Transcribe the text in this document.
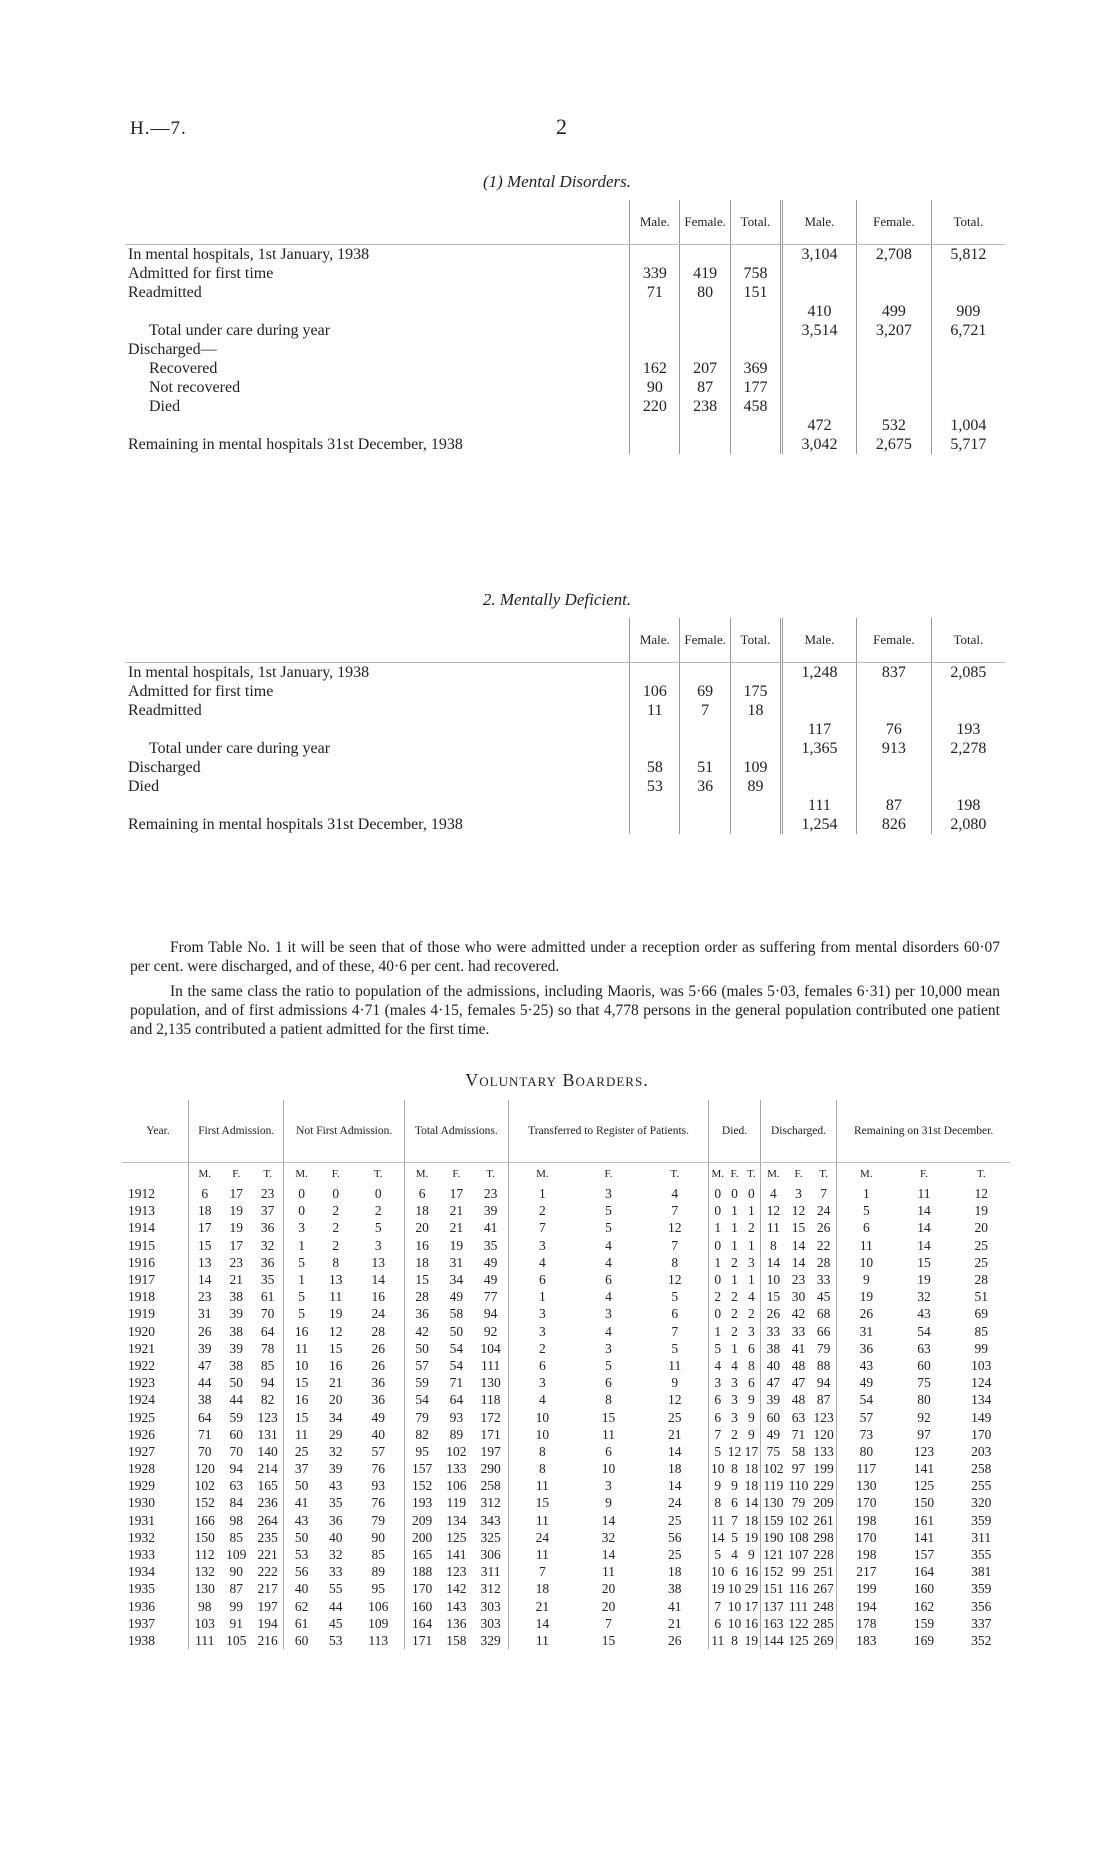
H.—7.	2
(1) Mental Disorders.
	Male.	Female.	Total.	Male.	Female.	Total.
In mental hospitals, 1st January, 1938				3,104	2,708	5,812
Admitted for first time	339	419	758			
Readmitted	71	80	151			
				410	499	909
Total under care during year				3,514	3,207	6,721
Discharged—						
Recovered	162	207	369			
Not recovered	90	87	177			
Died	220	238	458			
				472	532	1,004
Remaining in mental hospitals 31st December, 1938				3,042	2,675	5,717
2. Mentally Deficient.
	Male.	Female.	Total.	Male.	Female.	Total.
In mental hospitals, 1st January, 1938				1,248	837	2,085
Admitted for first time	106	69	175			
Readmitted	11	7	18			
				117	76	193
Total under care during year				1,365	913	2,278
Discharged	58	51	109			
Died	53	36	89			
				111	87	198
Remaining in mental hospitals 31st December, 1938				1,254	826	2,080

From Table No. 1 it will be seen that of those who were admitted under a reception order as suffering from mental disorders 60·07 per cent. were discharged, and of these, 40·6 per cent. had recovered.

In the same class the ratio to population of the admissions, including Maoris, was 5·66 (males 5·03, females 6·31) per 10,000 mean population, and of first admissions 4·71 (males 4·15, females 5·25) so that 4,778 persons in the general population contributed one patient and 2,135 contributed a patient admitted for the first time.

Voluntary Boarders.
Year.	First Admission.			Not First Admission.			Total Admissions.			Transferred to Register of Patients.			Died.			Discharged.			Remaining on 31st December.		
	M.	F.	T.	M.	F.	T.	M.	F.	T.	M.	F.	T.	M.	F.	T.	M.	F.	T.	M.	F.	T.
1912	6	17	23	0	0	0	6	17	23	1	3	4	0	0	0	4	3	7	1	11	12
1913	18	19	37	0	2	2	18	21	39	2	5	7	0	1	1	12	12	24	5	14	19
1914	17	19	36	3	2	5	20	21	41	7	5	12	1	1	2	11	15	26	6	14	20
1915	15	17	32	1	2	3	16	19	35	3	4	7	0	1	1	8	14	22	11	14	25
1916	13	23	36	5	8	13	18	31	49	4	4	8	1	2	3	14	14	28	10	15	25
1917	14	21	35	1	13	14	15	34	49	6	6	12	0	1	1	10	23	33	9	19	28
1918	23	38	61	5	11	16	28	49	77	1	4	5	2	2	4	15	30	45	19	32	51
1919	31	39	70	5	19	24	36	58	94	3	3	6	0	2	2	26	42	68	26	43	69
1920	26	38	64	16	12	28	42	50	92	3	4	7	1	2	3	33	33	66	31	54	85
1921	39	39	78	11	15	26	50	54	104	2	3	5	5	1	6	38	41	79	36	63	99
1922	47	38	85	10	16	26	57	54	111	6	5	11	4	4	8	40	48	88	43	60	103
1923	44	50	94	15	21	36	59	71	130	3	6	9	3	3	6	47	47	94	49	75	124
1924	38	44	82	16	20	36	54	64	118	4	8	12	6	3	9	39	48	87	54	80	134
1925	64	59	123	15	34	49	79	93	172	10	15	25	6	3	9	60	63	123	57	92	149
1926	71	60	131	11	29	40	82	89	171	10	11	21	7	2	9	49	71	120	73	97	170
1927	70	70	140	25	32	57	95	102	197	8	6	14	5	12	17	75	58	133	80	123	203
1928	120	94	214	37	39	76	157	133	290	8	10	18	10	8	18	102	97	199	117	141	258
1929	102	63	165	50	43	93	152	106	258	11	3	14	9	9	18	119	110	229	130	125	255
1930	152	84	236	41	35	76	193	119	312	15	9	24	8	6	14	130	79	209	170	150	320
1931	166	98	264	43	36	79	209	134	343	11	14	25	11	7	18	159	102	261	198	161	359
1932	150	85	235	50	40	90	200	125	325	24	32	56	14	5	19	190	108	298	170	141	311
1933	112	109	221	53	32	85	165	141	306	11	14	25	5	4	9	121	107	228	198	157	355
1934	132	90	222	56	33	89	188	123	311	7	11	18	10	6	16	152	99	251	217	164	381
1935	130	87	217	40	55	95	170	142	312	18	20	38	19	10	29	151	116	267	199	160	359
1936	98	99	197	62	44	106	160	143	303	21	20	41	7	10	17	137	111	248	194	162	356
1937	103	91	194	61	45	109	164	136	303	14	7	21	6	10	16	163	122	285	178	159	337
1938	111	105	216	60	53	113	171	158	329	11	15	26	11	8	19	144	125	269	183	169	352
